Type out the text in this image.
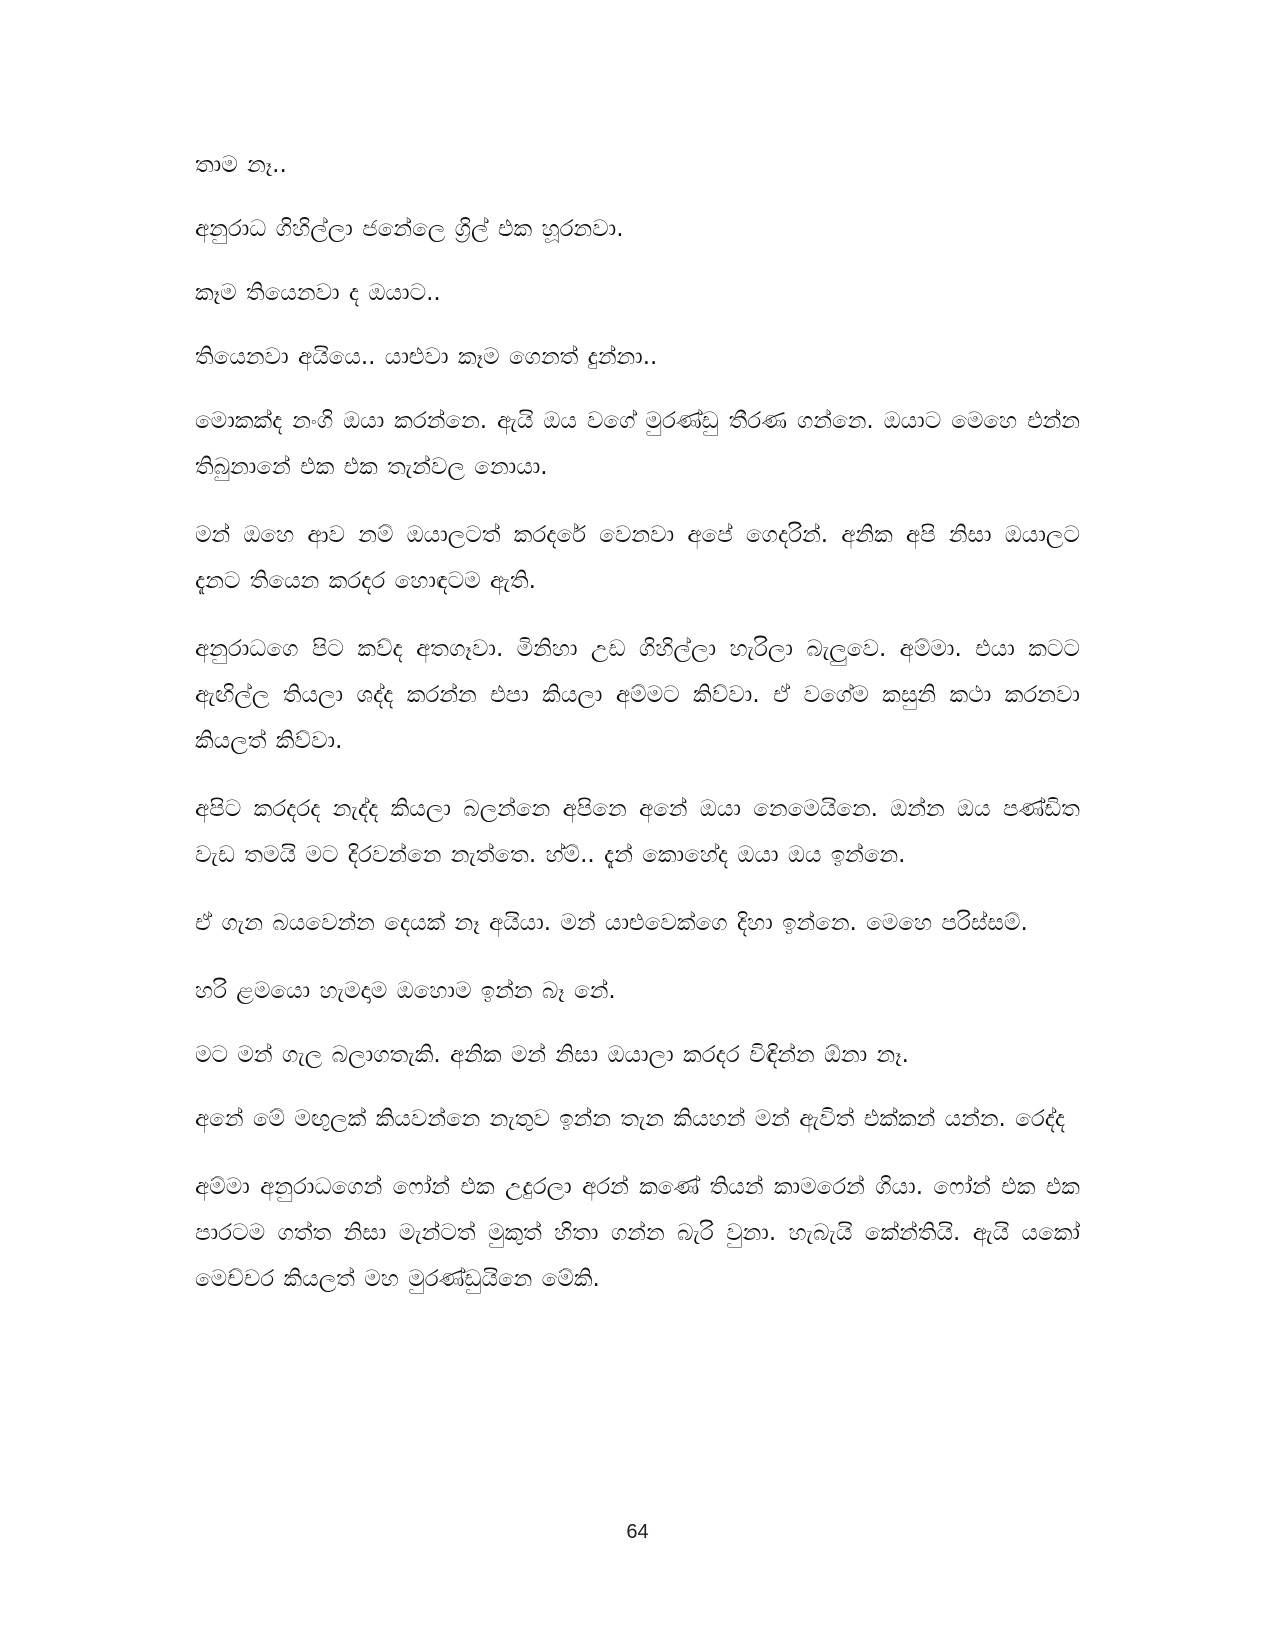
තාම නෑ..

අනුරාධ ගිහිල්ලා ජනේලෙ ග්‍රිල් එක හූරනවා.

කෑම තියෙනවා ද ඔයාට..

තියෙනවා අයියෙ.. යාළුවා කෑම ගෙනත් දුන්නා..

මොකක්ද නංගි ඔයා කරන්නෙ. ඇයි ඔය වගේ මුරණ්ඩු තීරණ ගන්නෙ. ඔයාට මෙහෙ එන්න තිබුනානේ එක එක තැන්වල නොයා.

මන් ඔහෙ ආව නම් ඔයාලටත් කරදරේ වෙනවා අපේ ගෙදරින්. අනික අපි නිසා ඔයාලට දැනට තියෙන කරදර හොඳටම ඇති.

අනුරාධගෙ පිට කව්ද අතගෑවා. මිනිහා උඩ ගිහිල්ලා හැරිලා බැලුවෙ. අම්මා. එයා කටට ඇඟිල්ල තියලා ශද්ද කරන්න එපා කියලා අම්මට කිව්වා. ඒ වගේම කසුනි කථා කරනවා කියලත් කිව්වා.

අපිට කරදරද නැද්ද කියලා බලන්නෙ අපිනෙ අනේ ඔයා නෙමෙයිනෙ. ඔන්න ඔය පණ්ඩිත වැඩ තමයි මට දිරවන්නෙ නැත්තෙ. හ්ම්.. දැන් කොහේද ඔයා ඔය ඉන්නෙ.

ඒ ගැන බයවෙන්න දෙයක් නෑ අයියා. මන් යාළුවෙක්ගෙ දිහා ඉන්නෙ. මෙහෙ පරිස්සම්.

හරි ළමයො හැමදාම ඔහොම ඉන්න බෑ නේ.

මට මන් ගැල බලාගතැකි. අනික මන් නිසා ඔයාලා කරදර විඳින්න ඕනා නෑ.

අනේ මේ මඟුලක් කියවන්නෙ නැතුව ඉන්න තැන කියහන් මන් ඇවිත් එක්කන් යන්න. රෙද්ද

අම්මා අනුරාධගෙන් ෆෝන් එක උදුරලා අරන් කණේ තියන් කාමරෙන් ගියා. ෆෝන් එක එක පාරටම ගත්ත නිසා මැන්ටත් මුකුත් හිතා ගන්න බැරි වුනා. හැබැයි කේන්තියි. ඇයි යකෝ මෙච්චර කියලත් මහ මුරණ්ඩුයිනෙ මේකි.

64
